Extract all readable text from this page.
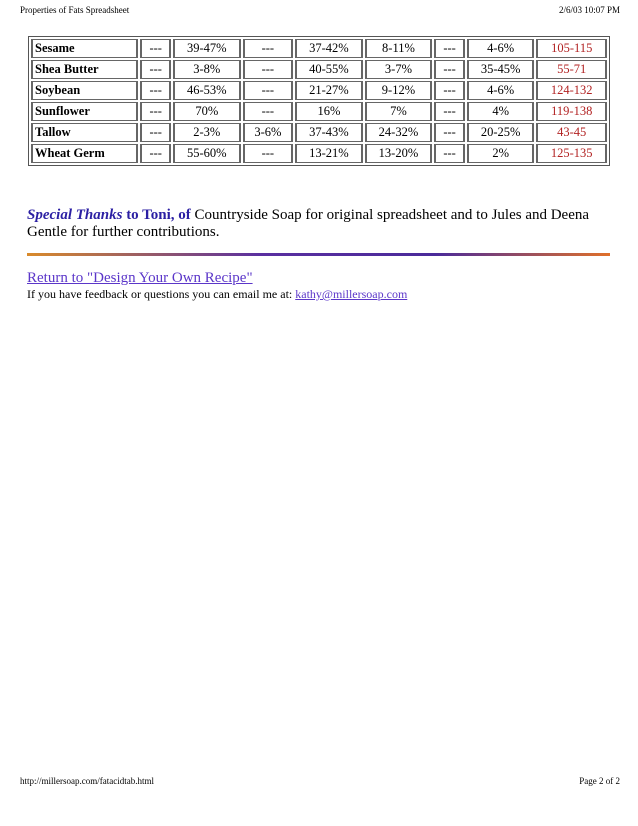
Properties of Fats Spreadsheet	2/6/03 10:07 PM
Sesame	---	39-47%	---	37-42%	8-11%	---	4-6%	105-115
Shea Butter	---	3-8%	---	40-55%	3-7%	---	35-45%	55-71
Soybean	---	46-53%	---	21-27%	9-12%	---	4-6%	124-132
Sunflower	---	70%	---	16%	7%	---	4%	119-138
Tallow	---	2-3%	3-6%	37-43%	24-32%	---	20-25%	43-45
Wheat Germ	---	55-60%	---	13-21%	13-20%	---	2%	125-135
Special Thanks to Toni, of Countryside Soap for original spreadsheet and to Jules and Deena Gentle for further contributions.
Return to "Design Your Own Recipe"
If you have feedback or questions you can email me at: kathy@millersoap.com
http://millersoap.com/fatacidtab.html	Page 2 of 2
